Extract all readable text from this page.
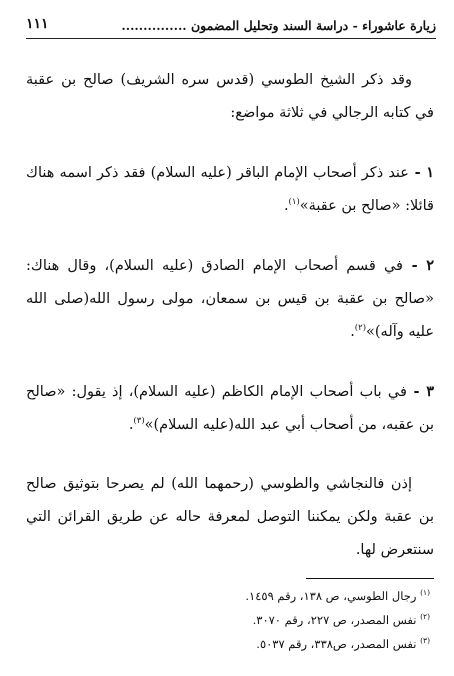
زيارة عاشوراء - دراسة السند وتحليل المضمون ...............
١١١

وقد ذكر الشيخ الطوسي (قدس سره الشريف) صالح بن عقبة في كتابه الرجالي في ثلاثة مواضع:

١ - عند ذكر أصحاب الإمام الباقر (عليه السلام) فقد ذكر اسمه هناك قائلا: «صالح بن عقبة»$^{(١)}$.

٢ - في قسم أصحاب الإمام الصادق (عليه السلام)، وقال هناك: «صالح بن عقبة بن قيس بن سمعان، مولى رسول الله(صلى الله عليه وآله)»$^{(٢)}$.

٣ - في باب أصحاب الإمام الكاظم (عليه السلام)، إذ يقول: «صالح بن عقبه، من أصحاب أبي عبد الله(عليه السلام)»$^{(٣)}$.

إذن فالنجاشي والطوسي (رحمهما الله) لم يصرحا بتوثيق صالح بن عقبة ولكن يمكننا التوصل لمعرفة حاله عن طريق القرائن التي سنتعرض لها.

$^{(١)}$ رجال الطوسي، ص ١٣٨، رقم ١٤٥٩.
$^{(٢)}$ نفس المصدر، ص ٢٢٧، رقم ٣٠٧٠.
$^{(٣)}$ نفس المصدر، ص٣٣٨، رقم ٥٠٣٧.
